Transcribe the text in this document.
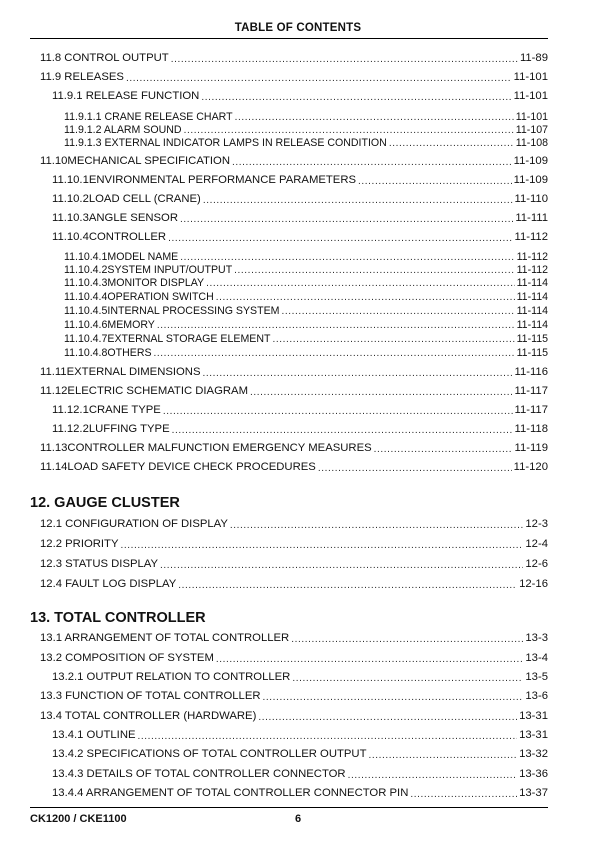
TABLE OF CONTENTS
11.8 CONTROL OUTPUT .....	11-89
11.9 RELEASES .....	11-101
11.9.1 RELEASE FUNCTION .....	11-101
11.9.1.1 CRANE RELEASE CHART .....	11-101
11.9.1.2 ALARM SOUND .....	11-107
11.9.1.3 EXTERNAL INDICATOR LAMPS IN RELEASE CONDITION .....	11-108
11.10MECHANICAL SPECIFICATION .....	11-109
11.10.1ENVIRONMENTAL PERFORMANCE PARAMETERS .....	11-109
11.10.2LOAD CELL (CRANE) .....	11-110
11.10.3ANGLE SENSOR .....	11-111
11.10.4CONTROLLER .....	11-112
11.10.4.1MODEL NAME .....	11-112
11.10.4.2SYSTEM INPUT/OUTPUT .....	11-112
11.10.4.3MONITOR DISPLAY .....	11-114
11.10.4.4OPERATION SWITCH .....	11-114
11.10.4.5INTERNAL PROCESSING SYSTEM .....	11-114
11.10.4.6MEMORY .....	11-114
11.10.4.7EXTERNAL STORAGE ELEMENT .....	11-115
11.10.4.8OTHERS .....	11-115
11.11EXTERNAL DIMENSIONS .....	11-116
11.12ELECTRIC SCHEMATIC DIAGRAM .....	11-117
11.12.1CRANE TYPE .....	11-117
11.12.2LUFFING TYPE .....	11-118
11.13CONTROLLER MALFUNCTION EMERGENCY MEASURES .....	11-119
11.14LOAD SAFETY DEVICE CHECK PROCEDURES .....	11-120
12. GAUGE CLUSTER
12.1 CONFIGURATION OF DISPLAY .....	12-3
12.2 PRIORITY .....	12-4
12.3 STATUS DISPLAY .....	12-6
12.4 FAULT LOG DISPLAY .....	12-16
13. TOTAL CONTROLLER
13.1 ARRANGEMENT OF TOTAL CONTROLLER .....	13-3
13.2 COMPOSITION OF SYSTEM .....	13-4
13.2.1 OUTPUT RELATION TO CONTROLLER .....	13-5
13.3 FUNCTION OF TOTAL CONTROLLER .....	13-6
13.4 TOTAL CONTROLLER (HARDWARE) .....	13-31
13.4.1 OUTLINE .....	13-31
13.4.2 SPECIFICATIONS OF TOTAL CONTROLLER OUTPUT .....	13-32
13.4.3 DETAILS OF TOTAL CONTROLLER CONNECTOR .....	13-36
13.4.4 ARRANGEMENT OF TOTAL CONTROLLER CONNECTOR PIN .....	13-37
CK1200 / CKE1100	6
